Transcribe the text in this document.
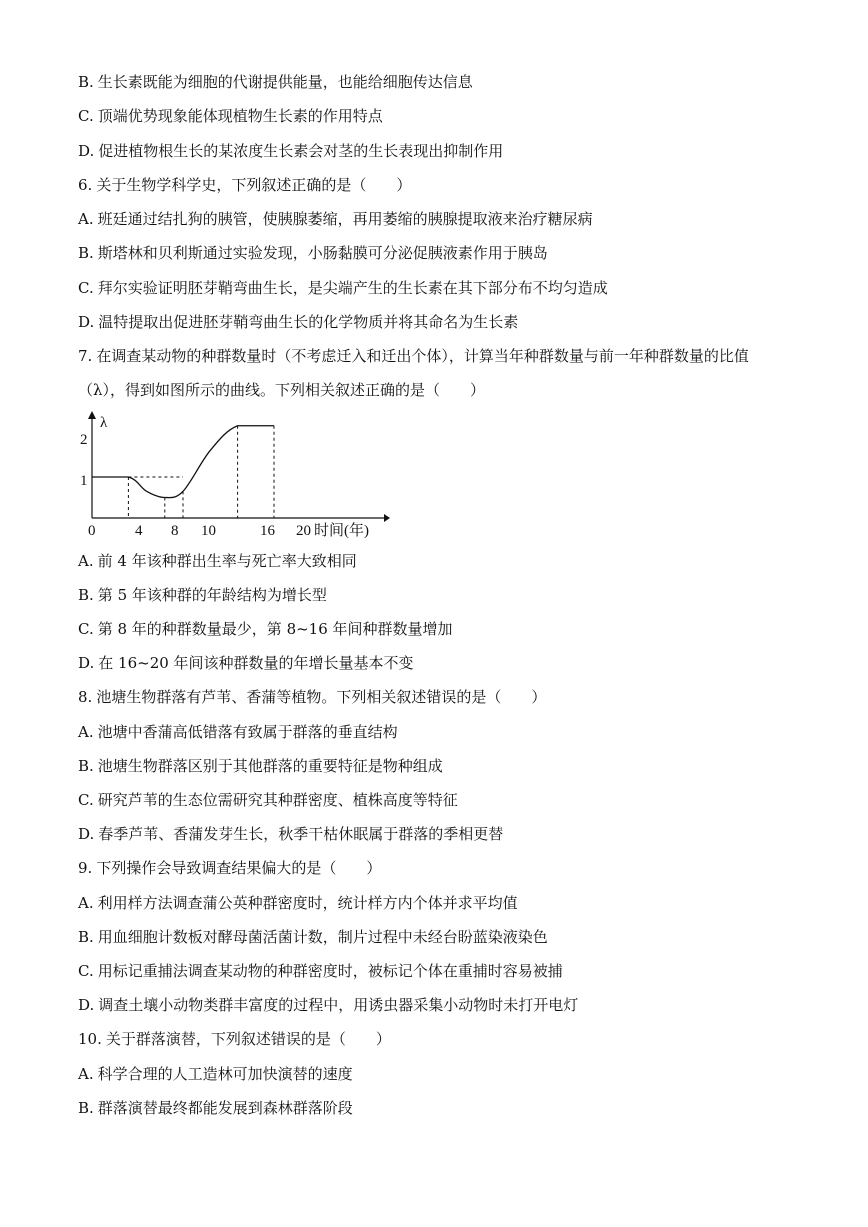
B. 生长素既能为细胞的代谢提供能量，也能给细胞传达信息
C. 顶端优势现象能体现植物生长素的作用特点
D. 促进植物根生长的某浓度生长素会对茎的生长表现出抑制作用
6. 关于生物学科学史，下列叙述正确的是（　　）
A. 班廷通过结扎狗的胰管，使胰腺萎缩，再用萎缩的胰腺提取液来治疗糖尿病
B. 斯塔林和贝利斯通过实验发现，小肠黏膜可分泌促胰液素作用于胰岛
C. 拜尔实验证明胚芽鞘弯曲生长，是尖端产生的生长素在其下部分布不均匀造成
D. 温特提取出促进胚芽鞘弯曲生长的化学物质并将其命名为生长素
7. 在调查某动物的种群数量时（不考虑迁入和迁出个体），计算当年种群数量与前一年种群数量的比值
（λ），得到如图所示的曲线。下列相关叙述正确的是（　　）
λ
2
1
0	4 8 10	16 20 时间(年)
A. 前 4 年该种群出生率与死亡率大致相同
B. 第 5 年该种群的年龄结构为增长型
C. 第 8 年的种群数量最少，第 8~16 年间种群数量增加
D. 在 16~20 年间该种群数量的年增长量基本不变
8. 池塘生物群落有芦苇、香蒲等植物。下列相关叙述错误的是（　　）
A. 池塘中香蒲高低错落有致属于群落的垂直结构
B. 池塘生物群落区别于其他群落的重要特征是物种组成
C. 研究芦苇的生态位需研究其种群密度、植株高度等特征
D. 春季芦苇、香蒲发芽生长，秋季干枯休眠属于群落的季相更替
9. 下列操作会导致调查结果偏大的是（　　）
A. 利用样方法调查蒲公英种群密度时，统计样方内个体并求平均值
B. 用血细胞计数板对酵母菌活菌计数，制片过程中未经台盼蓝染液染色
C. 用标记重捕法调查某动物的种群密度时，被标记个体在重捕时容易被捕
D. 调查土壤小动物类群丰富度的过程中，用诱虫器采集小动物时未打开电灯
10. 关于群落演替，下列叙述错误的是（　　）
A. 科学合理的人工造林可加快演替的速度
B. 群落演替最终都能发展到森林群落阶段
